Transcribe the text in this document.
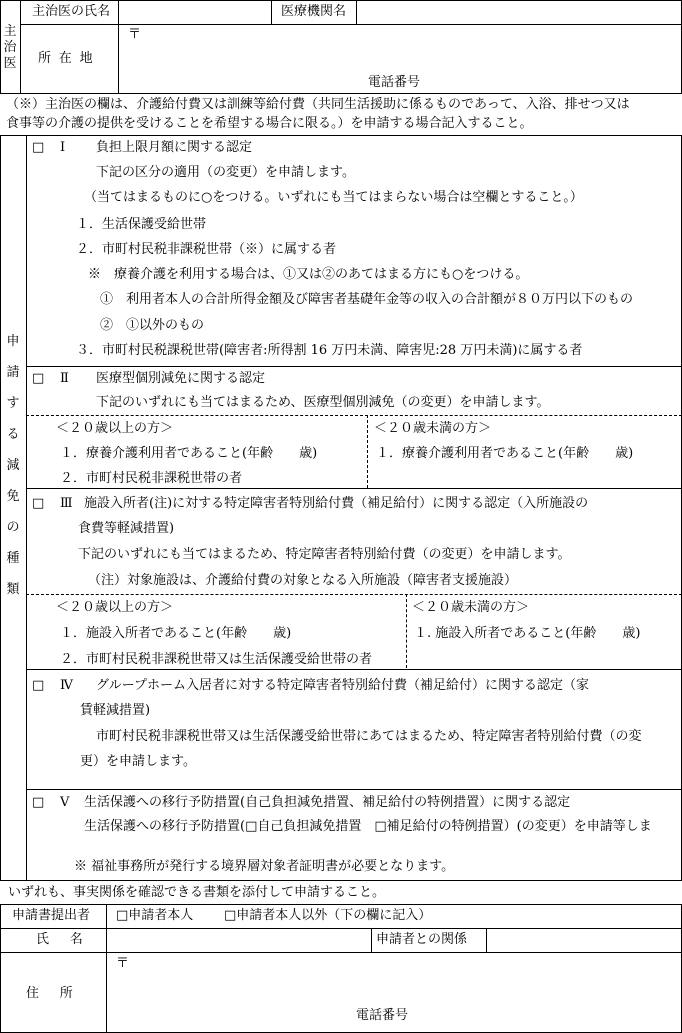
主治医
主治医の氏名	医療機関名
所在地
〒
電話番号
（※）主治医の欄は、介護給付費又は訓練等給付費（共同生活援助に係るものであって、入浴、排せつ又は
食事等の介護の提供を受けることを希望する場合に限る。）を申請する場合記入すること。
申請する減免の種類
□ Ⅰ 負担上限月額に関する認定
下記の区分の適用（の変更）を申請します。
（当てはまるものに○をつける。いずれにも当てはまらない場合は空欄とすること。）
１．生活保護受給世帯
２．市町村民税非課税世帯（※）に属する者
※　療養介護を利用する場合は、①又は②のあてはまる方にも○をつける。
①　利用者本人の合計所得金額及び障害者基礎年金等の収入の合計額が８０万円以下のもの
②　①以外のもの
３．市町村民税課税世帯(障害者:所得割 16 万円未満、障害児:28 万円未満)に属する者
□ Ⅱ 医療型個別減免に関する認定
下記のいずれにも当てはまるため、医療型個別減免（の変更）を申請します。
＜２０歳以上の方＞
１．療養介護利用者であること(年齢　　歳)
２．市町村民税非課税世帯の者
＜２０歳未満の方＞
１．療養介護利用者であること(年齢　　歳)
□ Ⅲ 施設入所者(注)に対する特定障害者特別給付費（補足給付）に関する認定（入所施設の
食費等軽減措置)
下記のいずれにも当てはまるため、特定障害者特別給付費（の変更）を申請します。
（注）対象施設は、介護給付費の対象となる入所施設（障害者支援施設）
＜２０歳以上の方＞
１．施設入所者であること(年齢　　歳)
２．市町村民税非課税世帯又は生活保護受給世帯の者
＜２０歳未満の方＞
１. 施設入所者であること(年齢　　歳)
□ Ⅳ グループホーム入居者に対する特定障害者特別給付費（補足給付）に関する認定（家
賃軽減措置)
市町村民税非課税世帯又は生活保護受給世帯にあてはまるため、特定障害者特別給付費（の変
更）を申請します。
□ Ⅴ 生活保護への移行予防措置(自己負担減免措置、補足給付の特例措置）に関する認定
生活保護への移行予防措置(□自己負担減免措置　□補足給付の特例措置）(の変更）を申請等しま
※ 福祉事務所が発行する境界層対象者証明書が必要となります。
いずれも、事実関係を確認できる書類を添付して申請すること。
申請書提出者 □申請者本人 □申請者本人以外（下の欄に記入）
氏名	申請者との関係
住所
〒
電話番号
